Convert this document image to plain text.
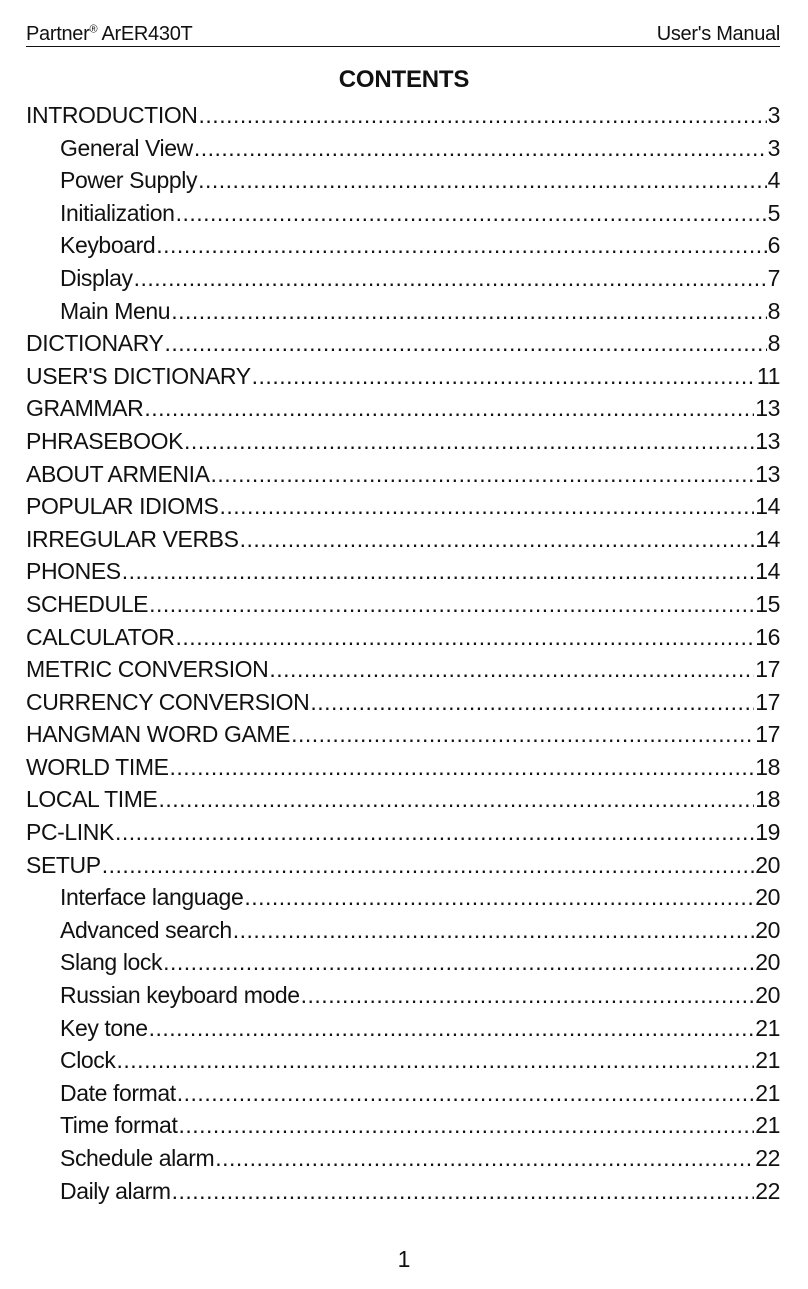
Partner® ArER430T	User's Manual
CONTENTS
INTRODUCTION .....	3
General View .....	3
Power Supply .....	4
Initialization .....	5
Keyboard .....	6
Display .....	7
Main Menu .....	8
DICTIONARY .....	8
USER'S DICTIONARY .....	11
GRAMMAR .....	13
PHRASEBOOK .....	13
ABOUT ARMENIA .....	13
POPULAR IDIOMS .....	14
IRREGULAR VERBS .....	14
PHONES .....	14
SCHEDULE .....	15
CALCULATOR .....	16
METRIC CONVERSION .....	17
CURRENCY CONVERSION .....	17
HANGMAN WORD GAME .....	17
WORLD TIME .....	18
LOCAL TIME .....	18
PC-LINK .....	19
SETUP .....	20
Interface language .....	20
Advanced search .....	20
Slang lock .....	20
Russian keyboard mode .....	20
Key tone .....	21
Clock .....	21
Date format .....	21
Time format .....	21
Schedule alarm .....	22
Daily alarm .....	22
1
